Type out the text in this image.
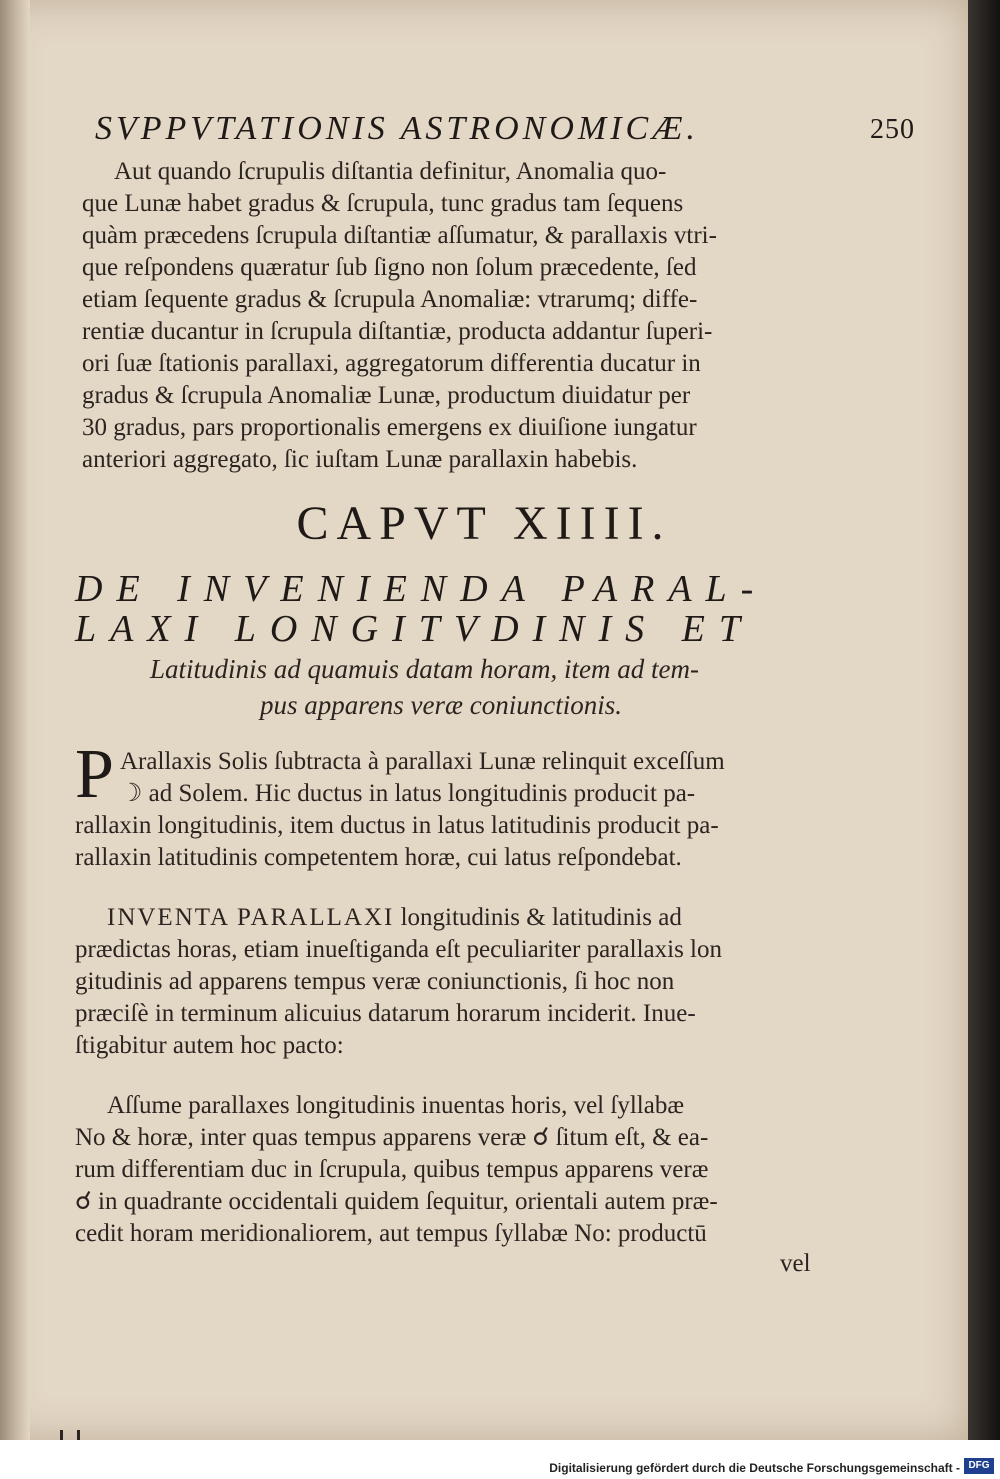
SVPPVTATIONIS ASTRONOMICÆ.	250
Aut quando ſcrupulis diſtantia definitur, Anomalia quo-
que Lunæ habet gradus & ſcrupula, tunc gradus tam ſequens
quàm præcedens ſcrupula diſtantiæ aſſumatur, & parallaxis vtri-
que reſpondens quæratur ſub ſigno non ſolum præcedente, ſed
etiam ſequente gradus & ſcrupula Anomaliæ: vtrarumq; diffe-
rentiæ ducantur in ſcrupula diſtantiæ, producta addantur ſuperi-
ori ſuæ ſtationis parallaxi, aggregatorum differentia ducatur in
gradus & ſcrupula Anomaliæ Lunæ, productum diuidatur per
30 gradus, pars proportionalis emergens ex diuiſione iungatur
anteriori aggregato, ſic iuſtam Lunæ parallaxin habebis.
CAPVT XIIII.
DE INVENIENDA PARAL-
LAXI LONGITVDINIS ET
Latitudinis ad quamuis datam horam, item ad tem-
pus apparens veræ coniunctionis.
P Arallaxis Solis ſubtracta à parallaxi Lunæ relinquit exceſſum
☽ ad Solem. Hic ductus in latus longitudinis producit pa-
rallaxin longitudinis, item ductus in latus latitudinis producit pa-
rallaxin latitudinis competentem horæ, cui latus reſpondebat.
INVENTA PARALLAXI longitudinis & latitudinis ad
prædictas horas, etiam inueſtiganda eſt peculiariter parallaxis lon
gitudinis ad apparens tempus veræ coniunctionis, ſi hoc non
præciſè in terminum alicuius datarum horarum inciderit. Inue-
ſtigabitur autem hoc pacto:
Aſſume parallaxes longitudinis inuentas horis, vel ſyllabæ
No & horæ, inter quas tempus apparens veræ ☌ ſitum eſt, & ea-
rum differentiam duc in ſcrupula, quibus tempus apparens veræ
☌ in quadrante occidentali quidem ſequitur, orientali autem præ-
cedit horam meridionaliorem, aut tempus ſyllabæ No: productū
vel
Digitalisierung gefördert durch die Deutsche Forschungsgemeinschaft - DFG
